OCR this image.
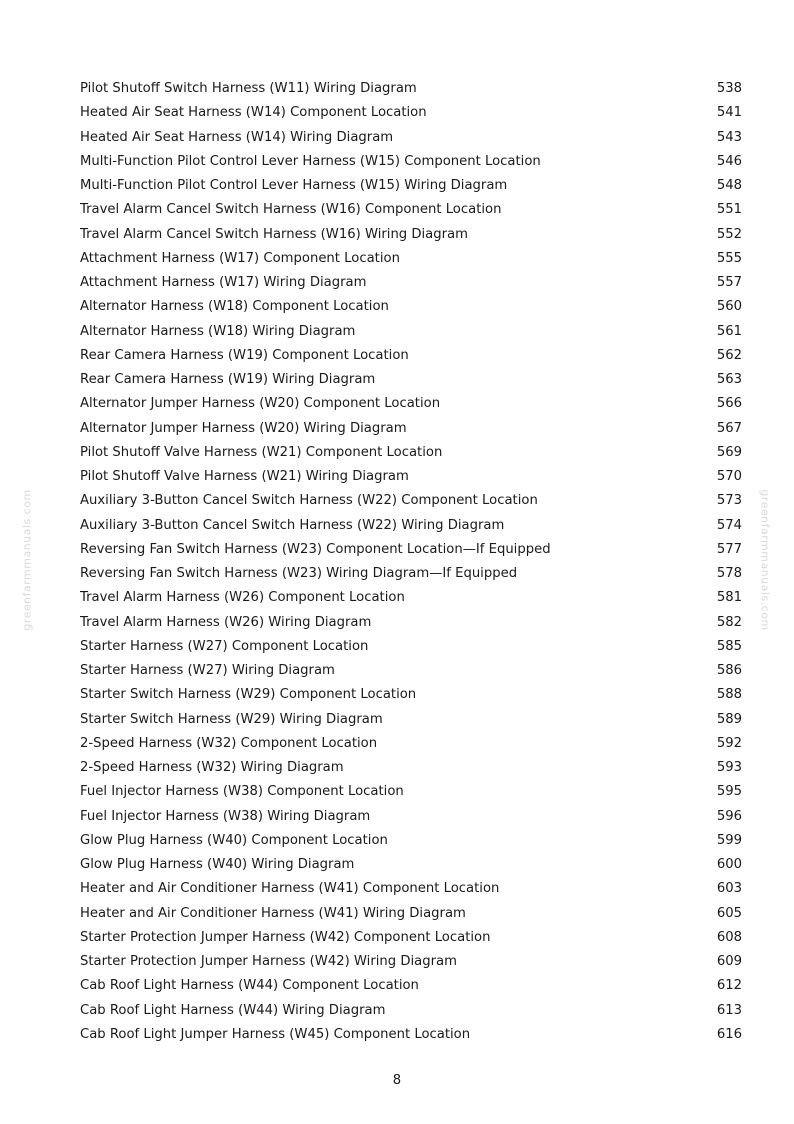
greenfarmmanuals.com	greenfarmmanuals.com
Pilot Shutoff Switch Harness (W11) Wiring Diagram	538
Heated Air Seat Harness (W14) Component Location	541
Heated Air Seat Harness (W14) Wiring Diagram	543
Multi-Function Pilot Control Lever Harness (W15) Component Location	546
Multi-Function Pilot Control Lever Harness (W15) Wiring Diagram	548
Travel Alarm Cancel Switch Harness (W16) Component Location	551
Travel Alarm Cancel Switch Harness (W16) Wiring Diagram	552
Attachment Harness (W17) Component Location	555
Attachment Harness (W17) Wiring Diagram	557
Alternator Harness (W18) Component Location	560
Alternator Harness (W18) Wiring Diagram	561
Rear Camera Harness (W19) Component Location	562
Rear Camera Harness (W19) Wiring Diagram	563
Alternator Jumper Harness (W20) Component Location	566
Alternator Jumper Harness (W20) Wiring Diagram	567
Pilot Shutoff Valve Harness (W21) Component Location	569
Pilot Shutoff Valve Harness (W21) Wiring Diagram	570
Auxiliary 3-Button Cancel Switch Harness (W22) Component Location	573
Auxiliary 3-Button Cancel Switch Harness (W22) Wiring Diagram	574
Reversing Fan Switch Harness (W23) Component Location—If Equipped	577
Reversing Fan Switch Harness (W23) Wiring Diagram—If Equipped	578
Travel Alarm Harness (W26) Component Location	581
Travel Alarm Harness (W26) Wiring Diagram	582
Starter Harness (W27) Component Location	585
Starter Harness (W27) Wiring Diagram	586
Starter Switch Harness (W29) Component Location	588
Starter Switch Harness (W29) Wiring Diagram	589
2-Speed Harness (W32) Component Location	592
2-Speed Harness (W32) Wiring Diagram	593
Fuel Injector Harness (W38) Component Location	595
Fuel Injector Harness (W38) Wiring Diagram	596
Glow Plug Harness (W40) Component Location	599
Glow Plug Harness (W40) Wiring Diagram	600
Heater and Air Conditioner Harness (W41) Component Location	603
Heater and Air Conditioner Harness (W41) Wiring Diagram	605
Starter Protection Jumper Harness (W42) Component Location	608
Starter Protection Jumper Harness (W42) Wiring Diagram	609
Cab Roof Light Harness (W44) Component Location	612
Cab Roof Light Harness (W44) Wiring Diagram	613
Cab Roof Light Jumper Harness (W45) Component Location	616
8
